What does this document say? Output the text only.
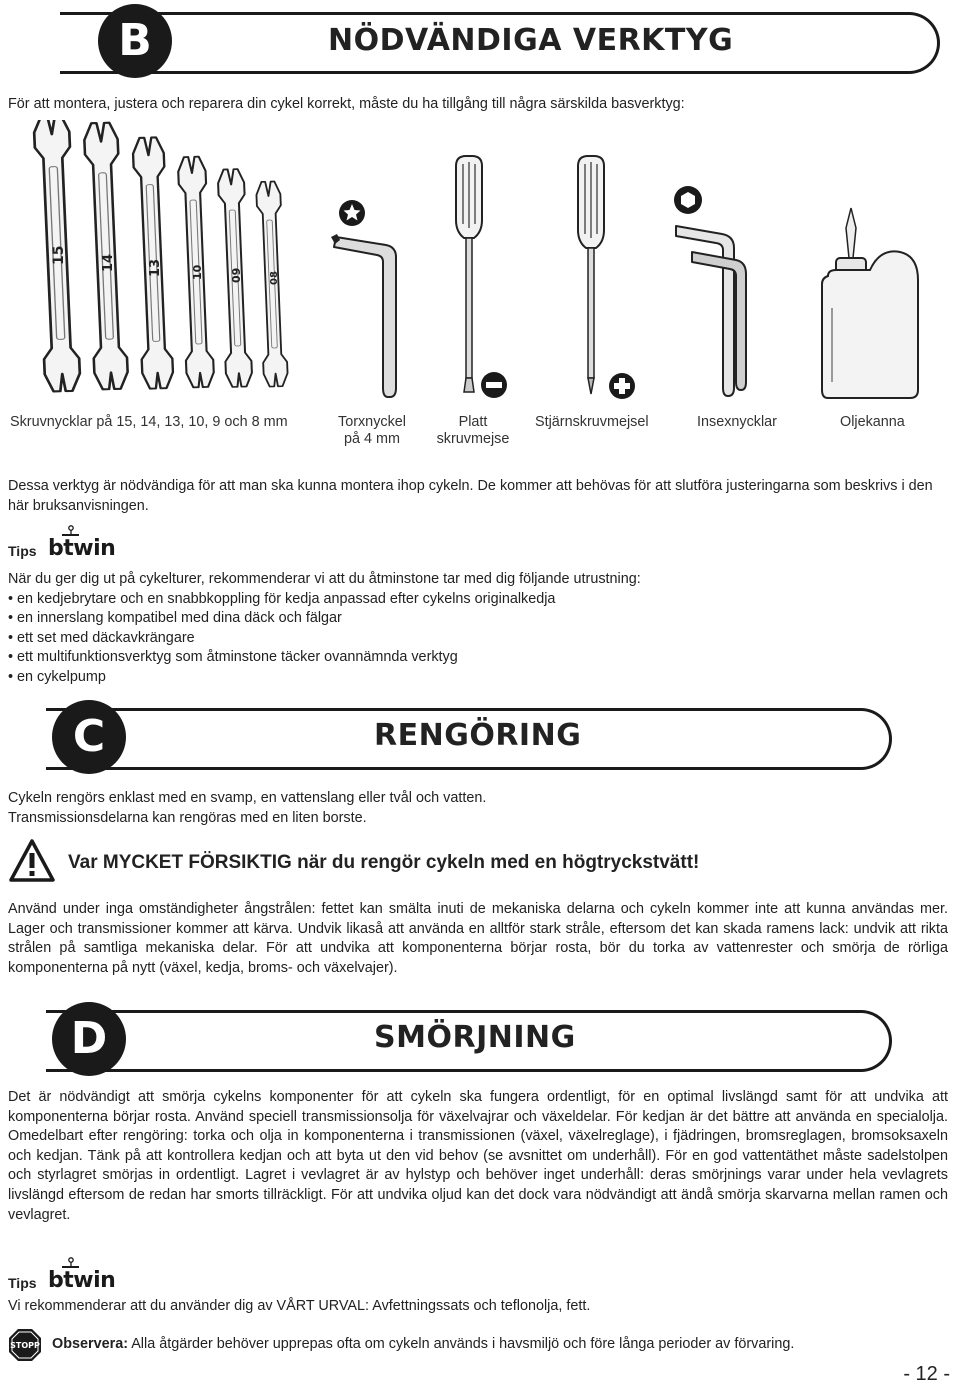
B	NÖDVÄNDIGA VERKTYG
För att montera, justera och reparera din cykel korrekt, måste du ha tillgång till några särskilda basverktyg:
15	14 13	10 09	08
Skruvnycklar på 15, 14, 13, 10, 9 och 8 mm	Torxnyckel
på 4 mm
Platt
skruvmejse
Stjärnskruvmejsel	Insexnycklar	Oljekanna
Dessa verktyg är nödvändiga för att man ska kunna montera ihop cykeln. De kommer att behövas för att slutföra justeringarna som beskrivs i den här bruksanvisningen.
Tips btwin
När du ger dig ut på cykelturer, rekommenderar vi att du åtminstone tar med dig följande utrustning:
• en kedjebrytare och en snabbkoppling för kedja anpassad efter cykelns originalkedja
• en innerslang kompatibel med dina däck och fälgar
• ett set med däckavkrängare
• ett multifunktionsverktyg som åtminstone täcker ovannämnda verktyg
• en cykelpump
C	RENGÖRING
Cykeln rengörs enklast med en svamp, en vattenslang eller tvål och vatten.
Transmissionsdelarna kan rengöras med en liten borste.
Var MYCKET FÖRSIKTIG när du rengör cykeln med en högtryckstvätt!
Använd under inga omständigheter ångstrålen: fettet kan smälta inuti de mekaniska delarna och cykeln kommer inte att kunna användas mer. Lager och transmissioner kommer att kärva. Undvik likaså att använda en alltför stark stråle, eftersom det kan skada ramens lack: undvik att rikta strålen på samtliga mekaniska delar. För att undvika att komponenterna börjar rosta, bör du torka av vattenrester och smörja de rörliga komponenterna på nytt (växel, kedja, broms- och växelvajer).
D	SMÖRJNING
Det är nödvändigt att smörja cykelns komponenter för att cykeln ska fungera ordentligt, för en optimal livslängd samt för att undvika att komponenterna börjar rosta. Använd speciell transmissionsolja för växelvajrar och växeldelar. För kedjan är det bättre att använda en specialolja. Omedelbart efter rengöring: torka och olja in komponenterna i transmissionen (växel, växelreglage), i fjädringen, bromsreglagen, bromsoksaxeln och kedjan. Tänk på att kontrollera kedjan och att byta ut den vid behov (se avsnittet om underhåll). För en god vattentäthet måste sadelstolpen och styrlagret smörjas in ordentligt. Lagret i vevlagret är av hylstyp och behöver inget underhåll: deras smörjnings varar under hela vevlagrets livslängd eftersom de redan har smorts tillräckligt. För att undvika oljud kan det dock vara nödvändigt att ändå smörja skarvarna mellan ramen och vevlagret.
Tips btwin
Vi rekommenderar att du använder dig av VÅRT URVAL: Avfettningssats och teflonolja, fett.
STOPP Observera: Alla åtgärder behöver upprepas ofta om cykeln används i havsmiljö och före långa perioder av förvaring.
- 12 -
